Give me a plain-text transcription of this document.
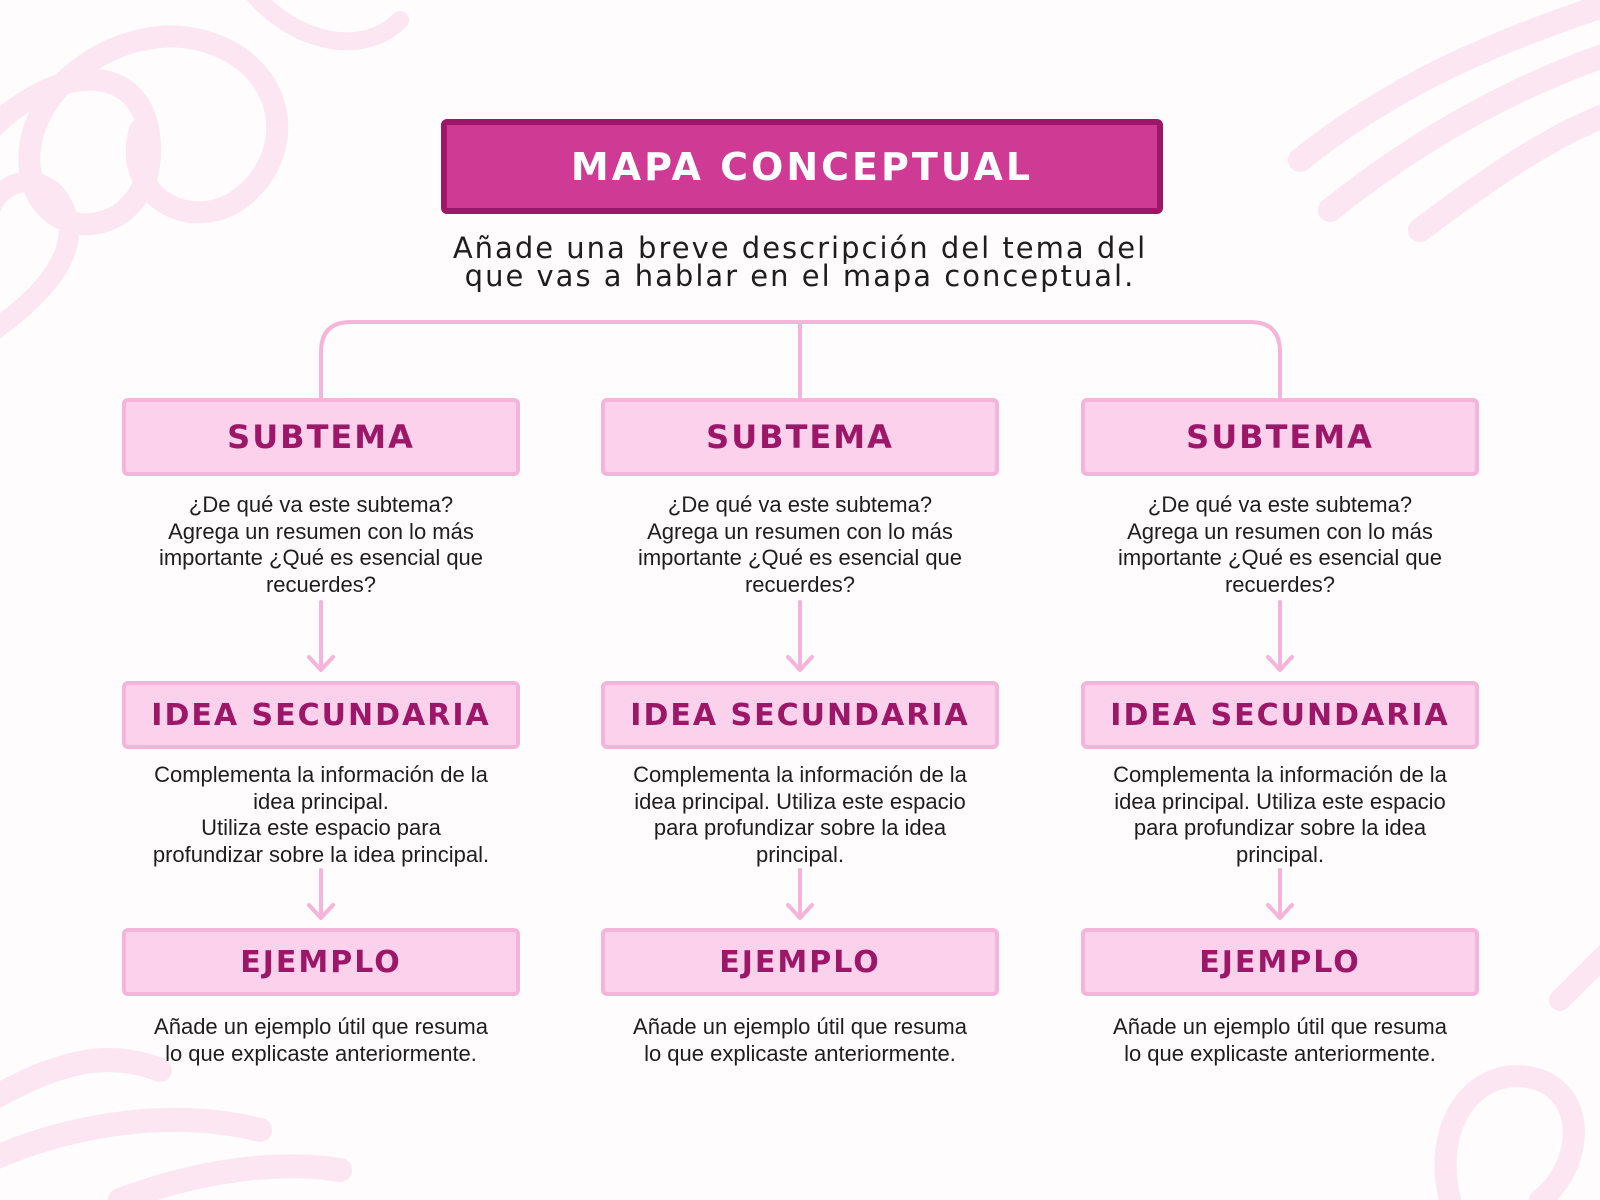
MAPA CONCEPTUAL
Añade una breve descripción del tema del
que vas a hablar en el mapa conceptual.
SUBTEMA
¿De qué va este subtema?
Agrega un resumen con lo más
importante ¿Qué es esencial que
recuerdes?
IDEA SECUNDARIA
Complementa la información de la
idea principal.
Utiliza este espacio para
profundizar sobre la idea principal.
EJEMPLO
Añade un ejemplo útil que resuma
lo que explicaste anteriormente.
SUBTEMA
¿De qué va este subtema?
Agrega un resumen con lo más
importante ¿Qué es esencial que
recuerdes?
IDEA SECUNDARIA
Complementa la información de la
idea principal. Utiliza este espacio
para profundizar sobre la idea
principal.
EJEMPLO
Añade un ejemplo útil que resuma
lo que explicaste anteriormente.
SUBTEMA
¿De qué va este subtema?
Agrega un resumen con lo más
importante ¿Qué es esencial que
recuerdes?
IDEA SECUNDARIA
Complementa la información de la
idea principal. Utiliza este espacio
para profundizar sobre la idea
principal.
EJEMPLO
Añade un ejemplo útil que resuma
lo que explicaste anteriormente.
